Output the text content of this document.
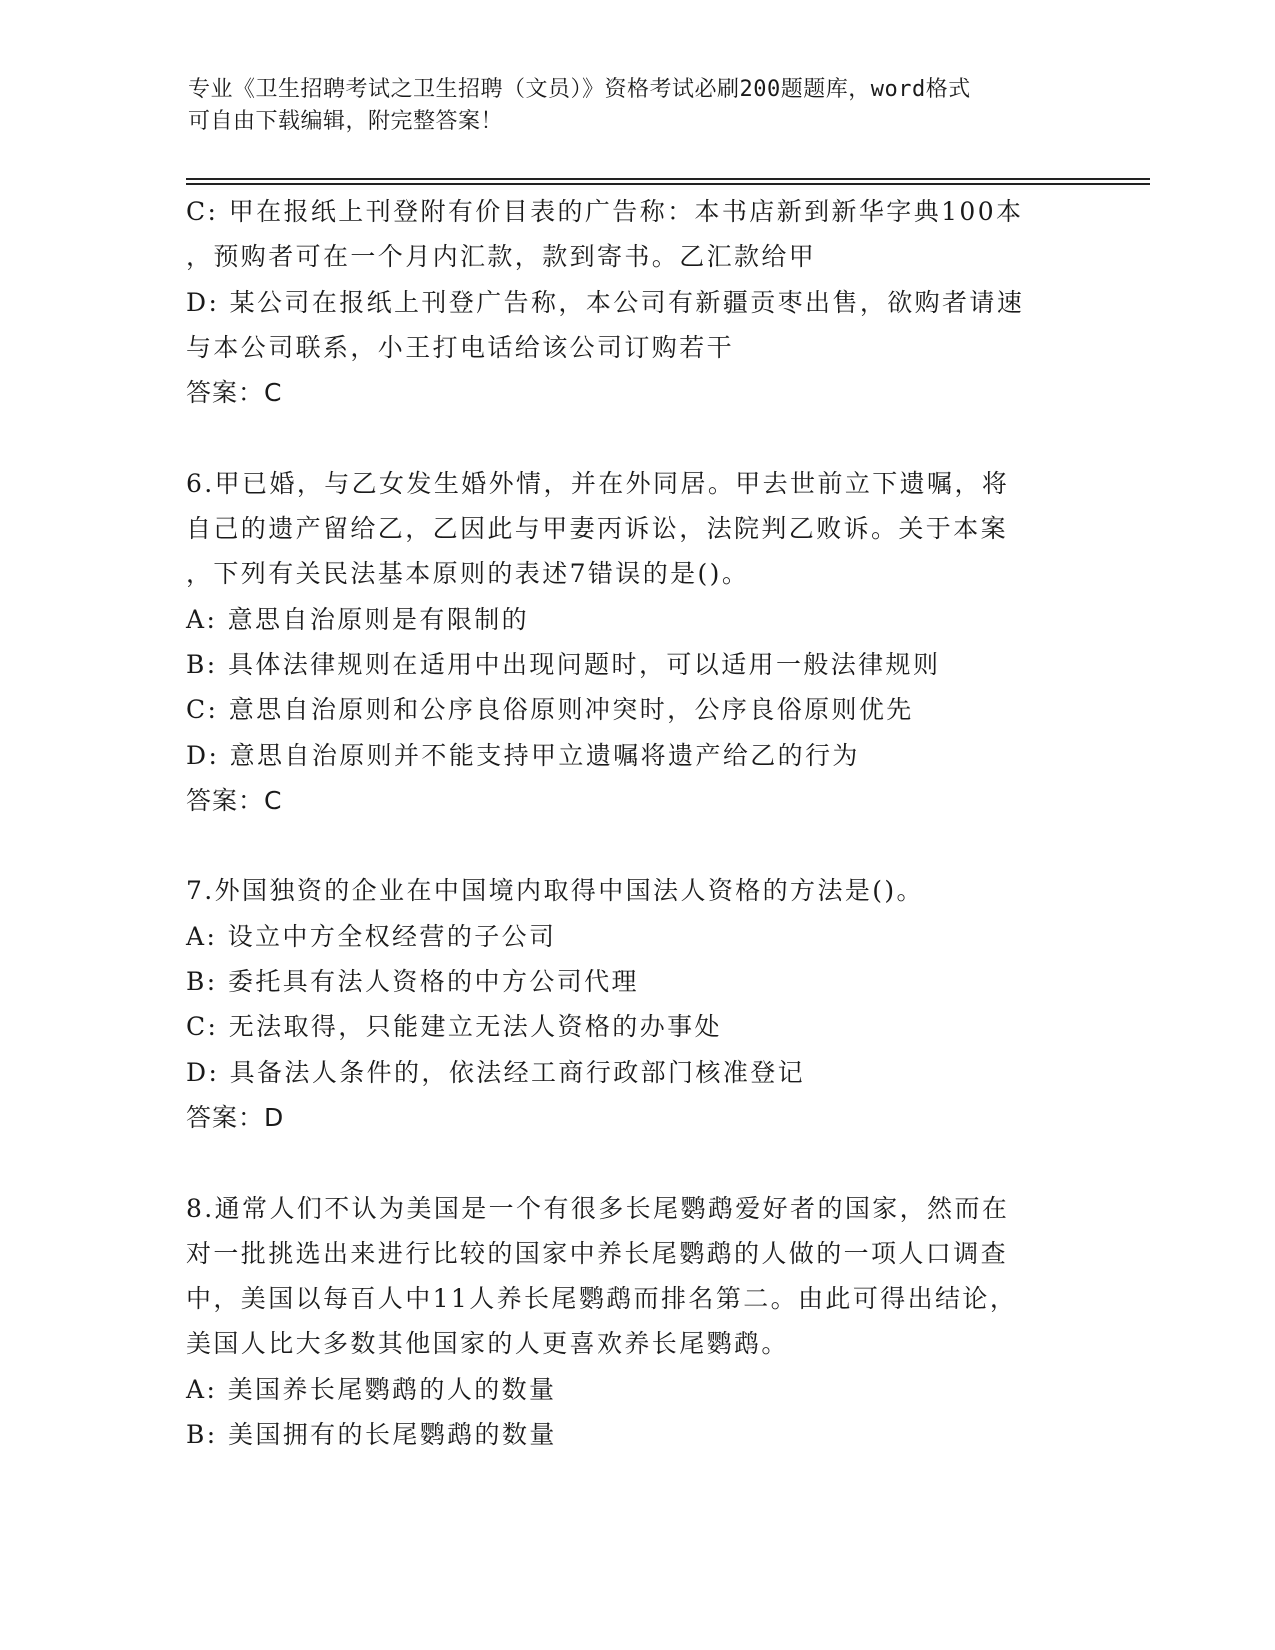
专业《卫生招聘考试之卫生招聘（文员）》资格考试必刷200题题库，word格式
可自由下载编辑，附完整答案！
C: 甲在报纸上刊登附有价目表的广告称：本书店新到新华字典100本
，预购者可在一个月内汇款，款到寄书。乙汇款给甲
D: 某公司在报纸上刊登广告称，本公司有新疆贡枣出售，欲购者请速
与本公司联系，小王打电话给该公司订购若干
答案：C
6.甲已婚，与乙女发生婚外情，并在外同居。甲去世前立下遗嘱，将
自己的遗产留给乙，乙因此与甲妻丙诉讼，法院判乙败诉。关于本案
，下列有关民法基本原则的表述7错误的是()。
A: 意思自治原则是有限制的
B: 具体法律规则在适用中出现问题时，可以适用一般法律规则
C: 意思自治原则和公序良俗原则冲突时，公序良俗原则优先
D: 意思自治原则并不能支持甲立遗嘱将遗产给乙的行为
答案：C
7.外国独资的企业在中国境内取得中国法人资格的方法是()。
A: 设立中方全权经营的子公司
B: 委托具有法人资格的中方公司代理
C: 无法取得，只能建立无法人资格的办事处
D: 具备法人条件的，依法经工商行政部门核准登记
答案：D
8.通常人们不认为美国是一个有很多长尾鹦鹉爱好者的国家，然而在
对一批挑选出来进行比较的国家中养长尾鹦鹉的人做的一项人口调查
中，美国以每百人中11人养长尾鹦鹉而排名第二。由此可得出结论，
美国人比大多数其他国家的人更喜欢养长尾鹦鹉。
A: 美国养长尾鹦鹉的人的数量
B: 美国拥有的长尾鹦鹉的数量
